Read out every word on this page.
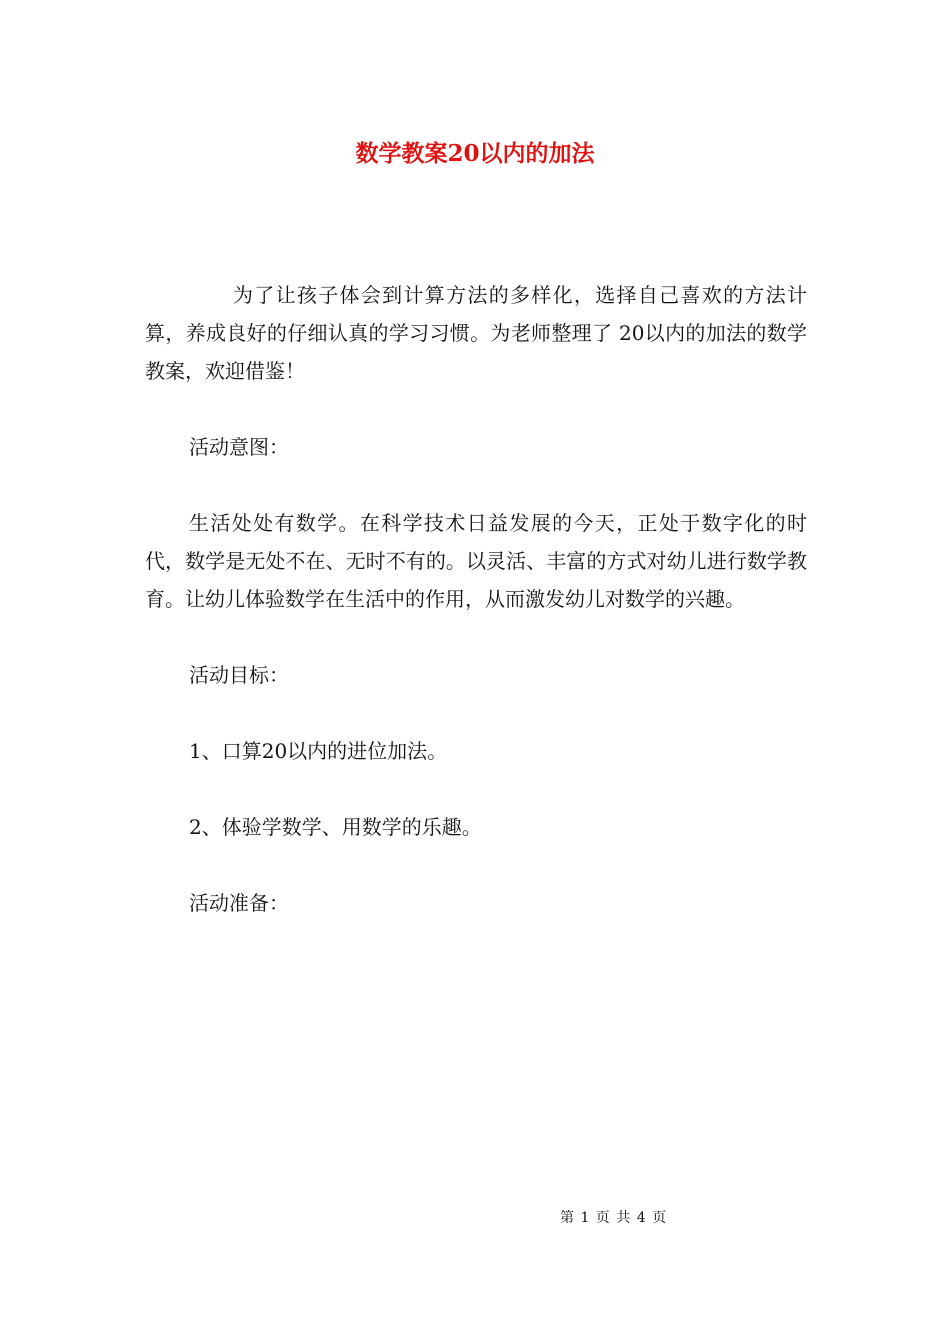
数学教案20以内的加法

为了让孩子体会到计算方法的多样化，选择自己喜欢的方法计算，养成良好的仔细认真的学习习惯。为老师整理了 20以内的加法的数学教案，欢迎借鉴！

活动意图：

生活处处有数学。在科学技术日益发展的今天，正处于数字化的时代，数学是无处不在、无时不有的。以灵活、丰富的方式对幼儿进行数学教育。让幼儿体验数学在生活中的作用，从而激发幼儿对数学的兴趣。

活动目标：

1、口算20以内的进位加法。

2、体验学数学、用数学的乐趣。

活动准备：

第 1 页 共 4 页
